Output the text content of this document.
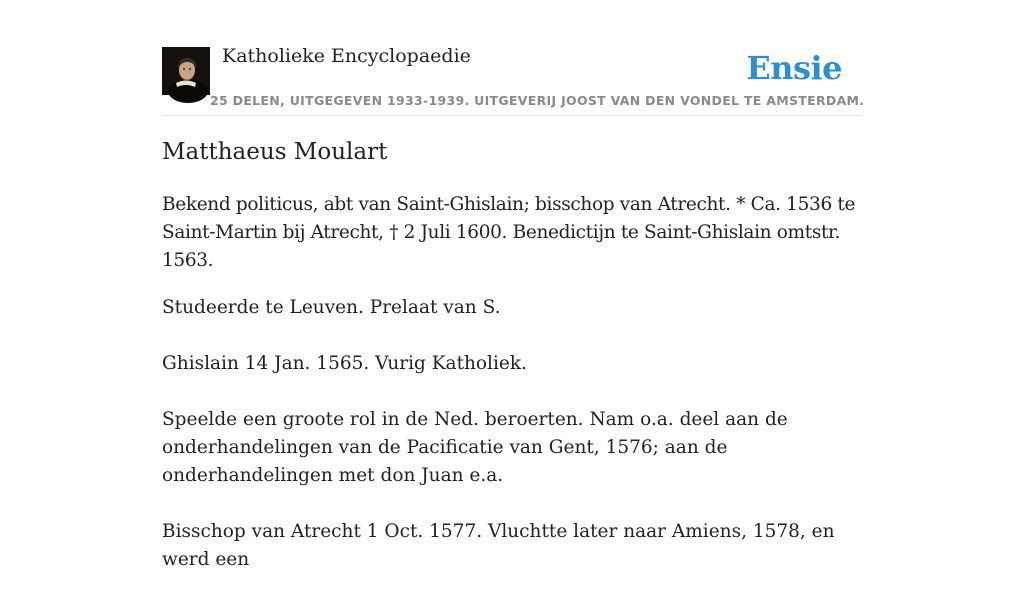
Katholieke Encyclopaedie

25 DELEN, UITGEGEVEN 1933-1939. UITGEVERIJ JOOST VAN DEN VONDEL TE AMSTERDAM.

Ensie
Matthaeus Moulart

Bekend politicus, abt van Saint-Ghislain; bisschop van Atrecht. * Ca. 1536 te Saint-Martin bij Atrecht, † 2 Juli 1600. Benedictijn te Saint-Ghislain omtstr. 1563.

Studeerde te Leuven. Prelaat van S.

Ghislain 14 Jan. 1565. Vurig Katholiek.

Speelde een groote rol in de Ned. beroerten. Nam o.a. deel aan de onderhandelingen van de Pacificatie van Gent, 1576; aan de onderhandelingen met don Juan e.a.

Bisschop van Atrecht 1 Oct. 1577. Vluchtte later naar Amiens, 1578, en werd een
